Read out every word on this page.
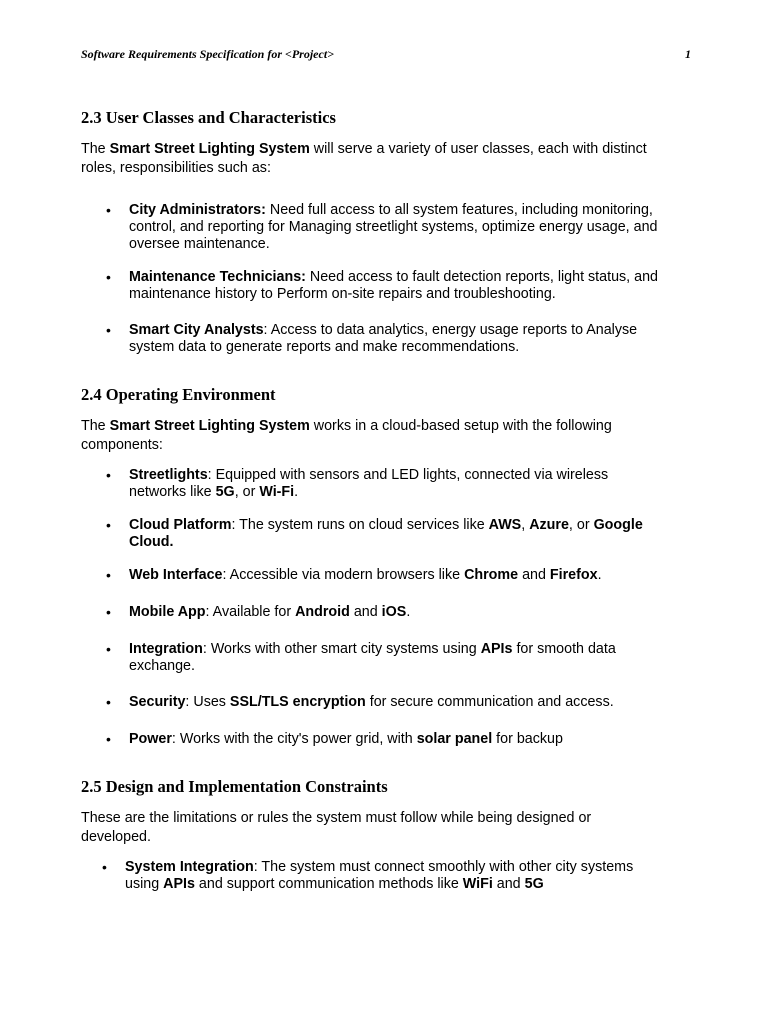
Software Requirements Specification for <Project>	1
2.3 User Classes and Characteristics

The Smart Street Lighting System will serve a variety of user classes, each with distinct
roles, responsibilities such as:

• City Administrators: Need full access to all system features, including monitoring,
control, and reporting for Managing streetlight systems, optimize energy usage, and
oversee maintenance.

• Maintenance Technicians: Need access to fault detection reports, light status, and
maintenance history to Perform on-site repairs and troubleshooting.

• Smart City Analysts: Access to data analytics, energy usage reports to Analyse
system data to generate reports and make recommendations.

2.4 Operating Environment

The Smart Street Lighting System works in a cloud-based setup with the following
components:

• Streetlights: Equipped with sensors and LED lights, connected via wireless
networks like 5G, or Wi-Fi.

• Cloud Platform: The system runs on cloud services like AWS, Azure, or Google
Cloud.

• Web Interface: Accessible via modern browsers like Chrome and Firefox.

• Mobile App: Available for Android and iOS.

• Integration: Works with other smart city systems using APIs for smooth data
exchange.

• Security: Uses SSL/TLS encryption for secure communication and access.

• Power: Works with the city's power grid, with solar panel for backup

2.5 Design and Implementation Constraints

These are the limitations or rules the system must follow while being designed or
developed.

• System Integration: The system must connect smoothly with other city systems
using APIs and support communication methods like WiFi and 5G
